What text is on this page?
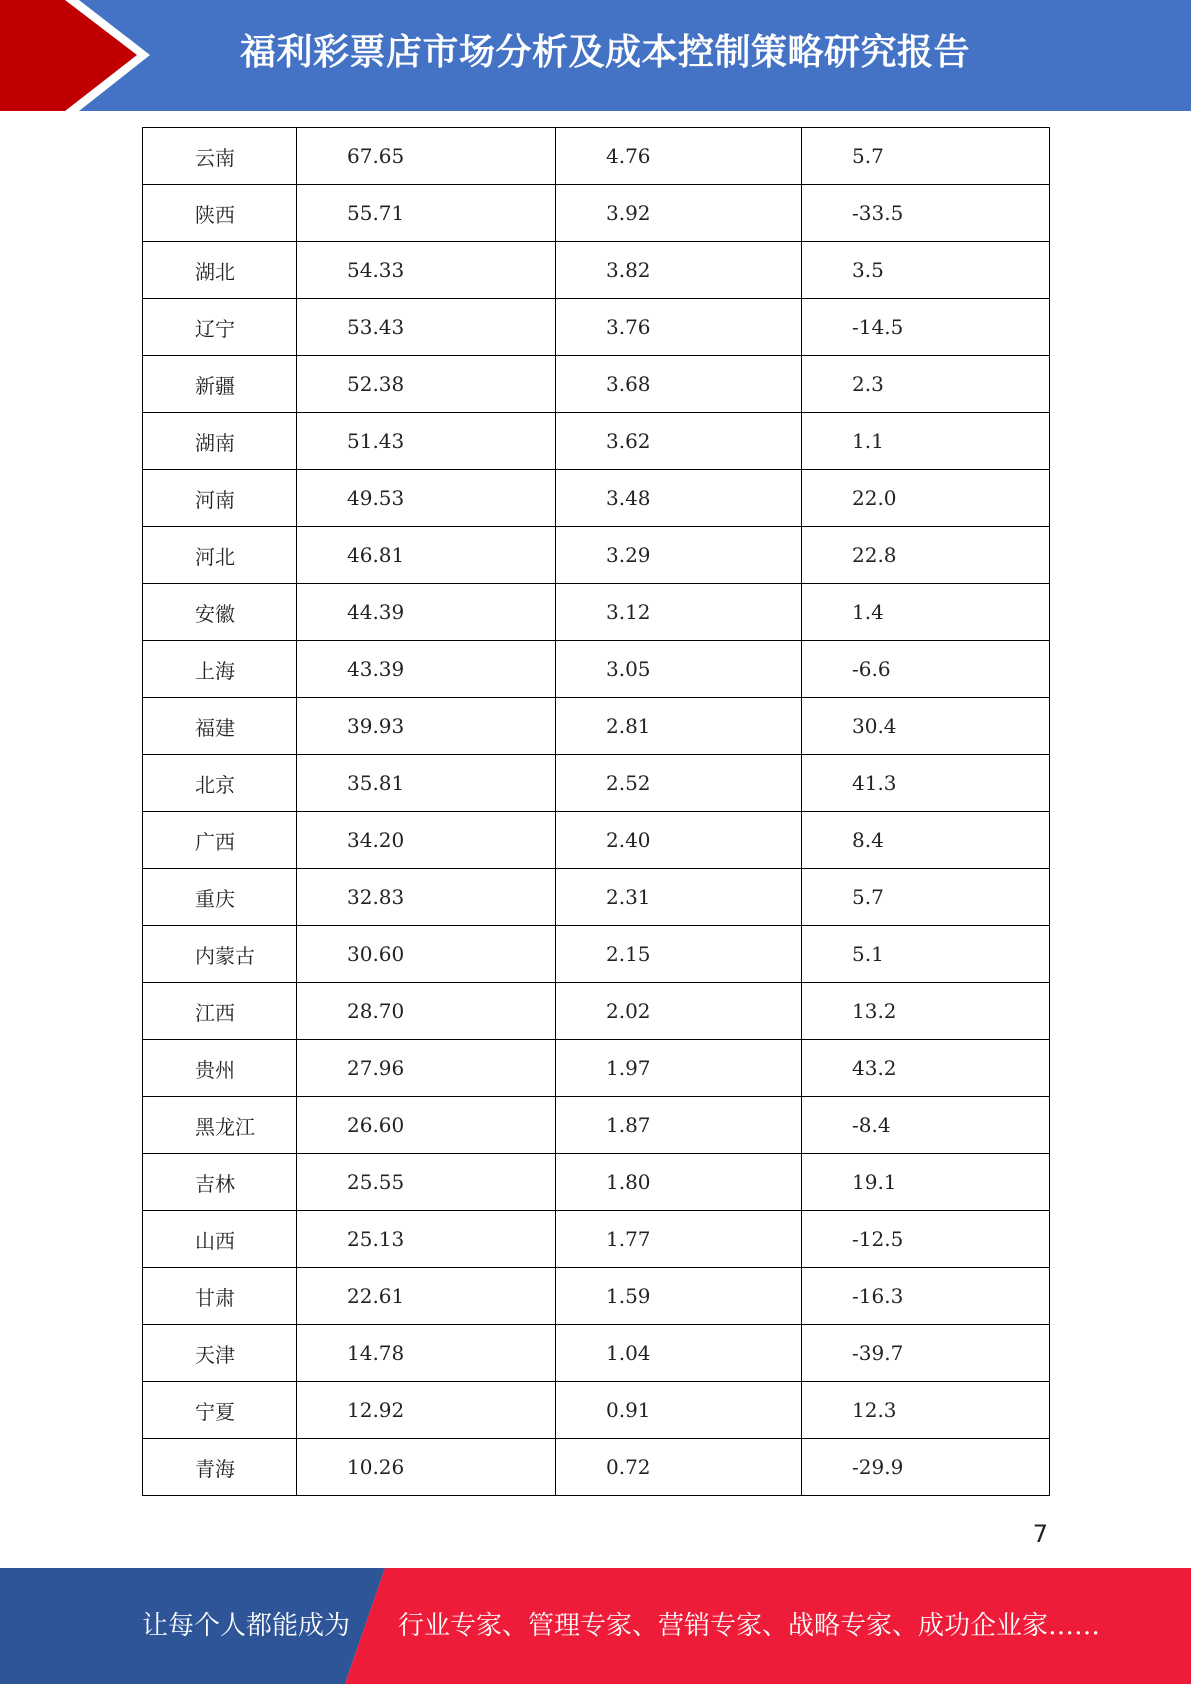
福利彩票店市场分析及成本控制策略研究报告
云南	67.65	4.76	5.7
陕西	55.71	3.92	-33.5
湖北	54.33	3.82	3.5
辽宁	53.43	3.76	-14.5
新疆	52.38	3.68	2.3
湖南	51.43	3.62	1.1
河南	49.53	3.48	22.0
河北	46.81	3.29	22.8
安徽	44.39	3.12	1.4
上海	43.39	3.05	-6.6
福建	39.93	2.81	30.4
北京	35.81	2.52	41.3
广西	34.20	2.40	8.4
重庆	32.83	2.31	5.7
内蒙古	30.60	2.15	5.1
江西	28.70	2.02	13.2
贵州	27.96	1.97	43.2
黑龙江	26.60	1.87	-8.4
吉林	25.55	1.80	19.1
山西	25.13	1.77	-12.5
甘肃	22.61	1.59	-16.3
天津	14.78	1.04	-39.7
宁夏	12.92	0.91	12.3
青海	10.26	0.72	-29.9
7
让每个人都能成为 行业专家、管理专家、营销专家、战略专家、成功企业家……
